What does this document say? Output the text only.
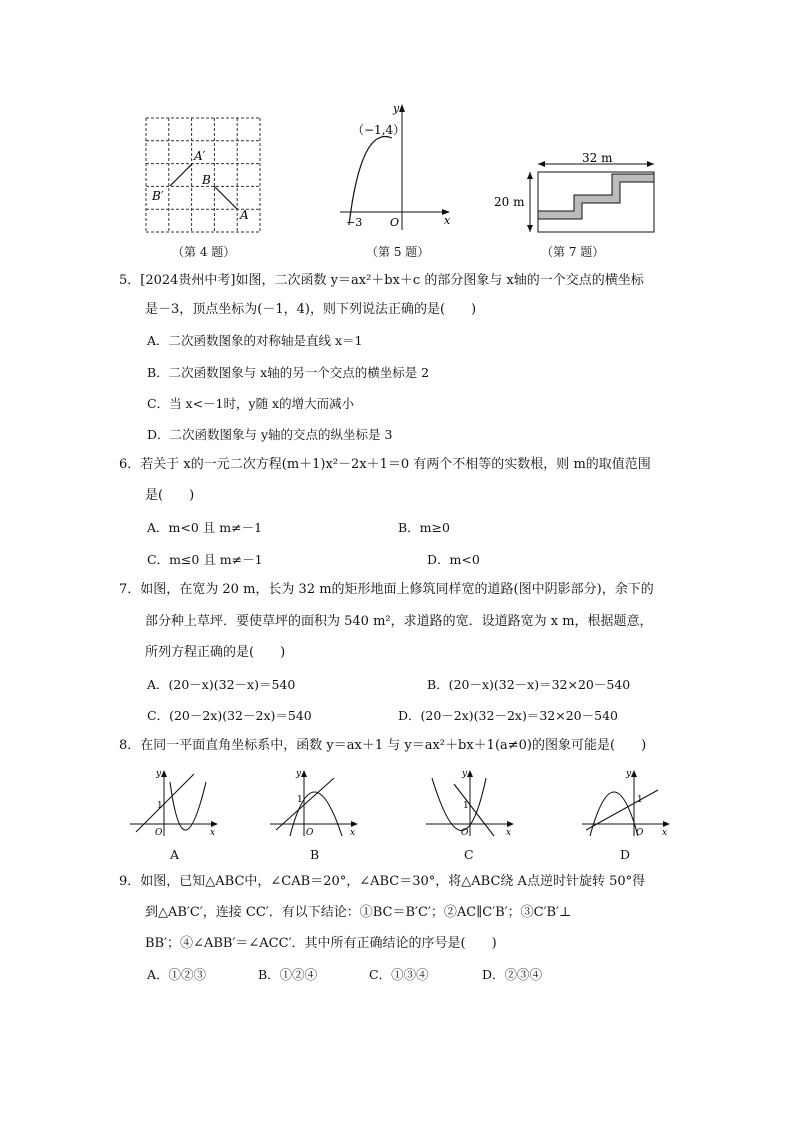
A′
B
B′
A
（第 4 题）
（−1,4）
y
x
O
−3
（第 5 题）
32 m
20 m
（第 7 题）
5．[2024贵州中考]如图，二次函数 y＝ax²＋bx＋c 的部分图象与 x轴的一个交点的横坐标
是－3，顶点坐标为(－1，4)，则下列说法正确的是(　　)
A．二次函数图象的对称轴是直线 x＝1
B．二次函数图象与 x轴的另一个交点的横坐标是 2
C．当 x<－1时，y随 x的增大而减小
D．二次函数图象与 y轴的交点的纵坐标是 3
6．若关于 x的一元二次方程(m＋1)x²－2x＋1＝0 有两个不相等的实数根，则 m的取值范围
是(　　)
A．m<0 且 m≠－1	B．m≥0
C．m≤0 且 m≠－1	D．m<0
7．如图，在宽为 20 m，长为 32 m的矩形地面上修筑同样宽的道路(图中阴影部分)，余下的
部分种上草坪．要使草坪的面积为 540 m²，求道路的宽．设道路宽为 x m，根据题意，
所列方程正确的是(　　)
A．(20－x)(32－x)＝540	B．(20－x)(32－x)＝32×20－540
C．(20－2x)(32－2x)＝540	D．(20－2x)(32－2x)＝32×20－540
8．在同一平面直角坐标系中，函数 y＝ax＋1 与 y＝ax²＋bx＋1(a≠0)的图象可能是(　　)
y
x
O
1
A
y
x
O
1
B
y
x
O
1
C
y
x
O
1
D
9．如图，已知△ABC中，∠CAB＝20°，∠ABC＝30°，将△ABC绕 A点逆时针旋转 50°得
到△AB′C′，连接 CC′．有以下结论：①BC＝B′C′；②AC∥C′B′；③C′B′⊥
BB′；④∠ABB′＝∠ACC′．其中所有正确结论的序号是(　　)
A．①②③	B．①②④	C．①③④	D．②③④
